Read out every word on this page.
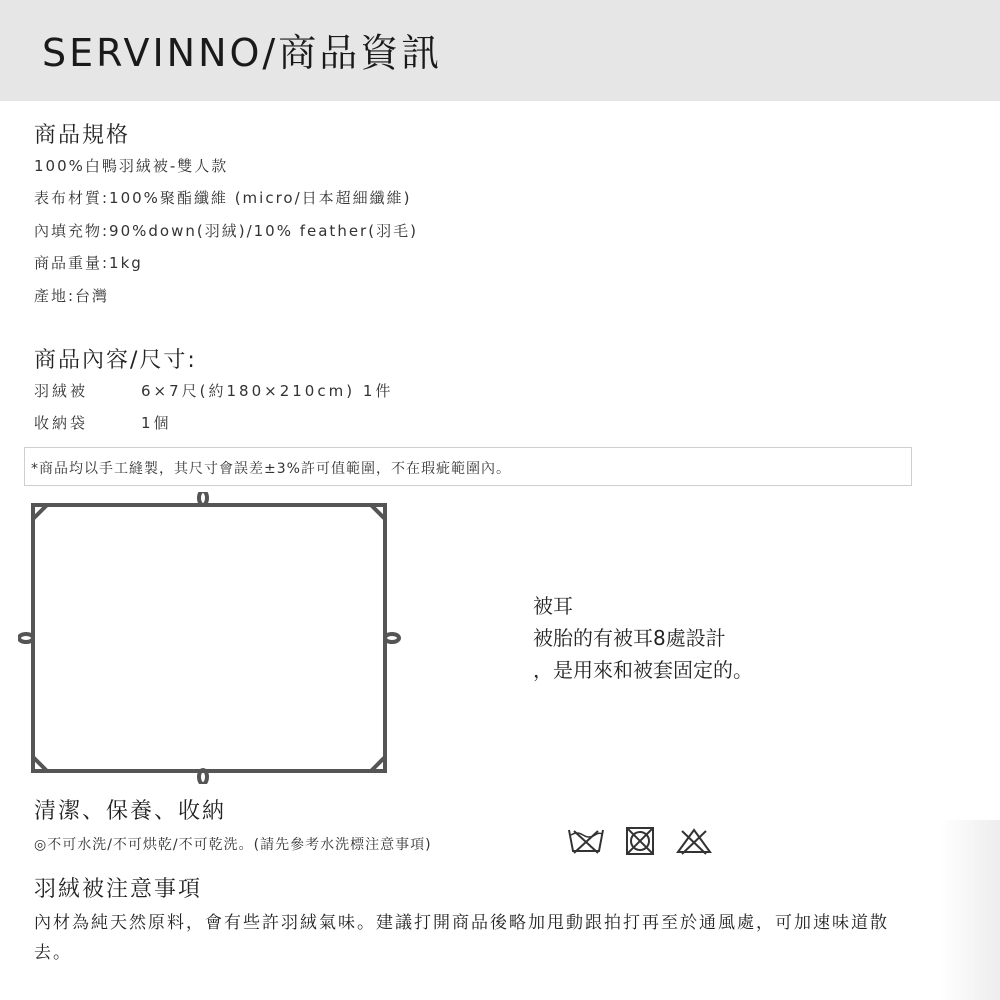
SERVINNO/商品資訊
商品規格
100%白鴨羽絨被-雙人款
表布材質:100%聚酯纖維 (micro/日本超細纖維)
內填充物:90%down(羽絨)/10% feather(羽毛)
商品重量:1kg
產地:台灣
商品內容/尺寸:
羽絨被	6×7尺(約180×210cm) 1件
收納袋	1個
*商品均以手工縫製，其尺寸會誤差±3%許可值範圍，不在瑕疵範圍內。
被耳
被胎的有被耳8處設計
，是用來和被套固定的。
清潔、保養、收納
◎不可水洗/不可烘乾/不可乾洗。(請先參考水洗標注意事項)
羽絨被注意事項
內材為純天然原料，會有些許羽絨氣味。建議打開商品後略加甩動跟拍打再至於通風處，可加速味道散去。
